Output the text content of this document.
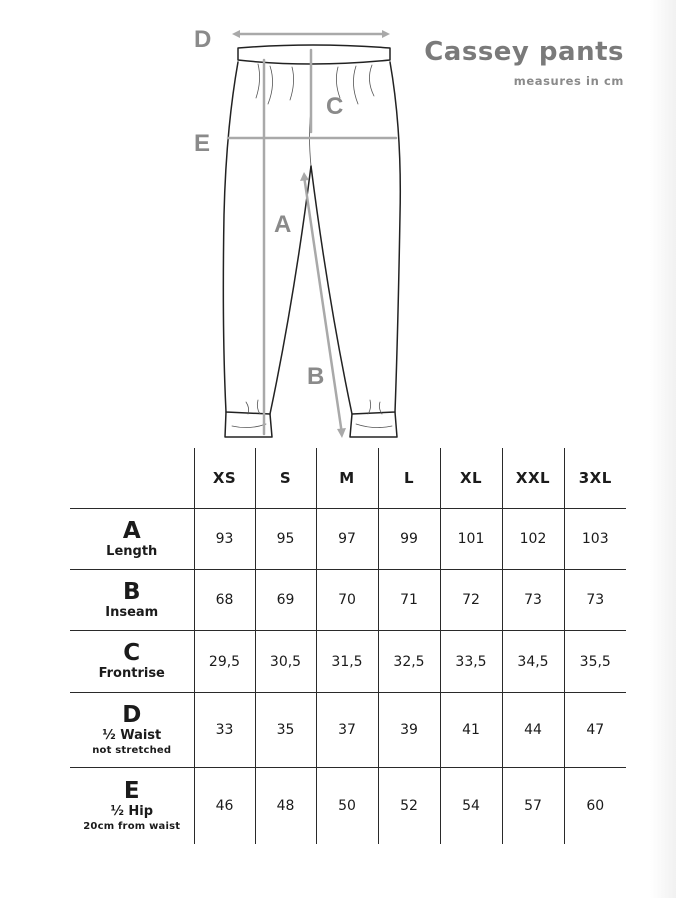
Cassey pants
measures in cm
D
C
E
A
B
	XS	S	M	L	XL	XXL	3XL

A
Length	93	95	97	99	101	102	103

B
Inseam	68	69	70	71	72	73	73

C
Frontrise	29,5	30,5	31,5	32,5	33,5	34,5	35,5

D
½ Waist
not stretched	33	35	37	39	41	44	47

E
½ Hip
20cm from waist	46	48	50	52	54	57	60
